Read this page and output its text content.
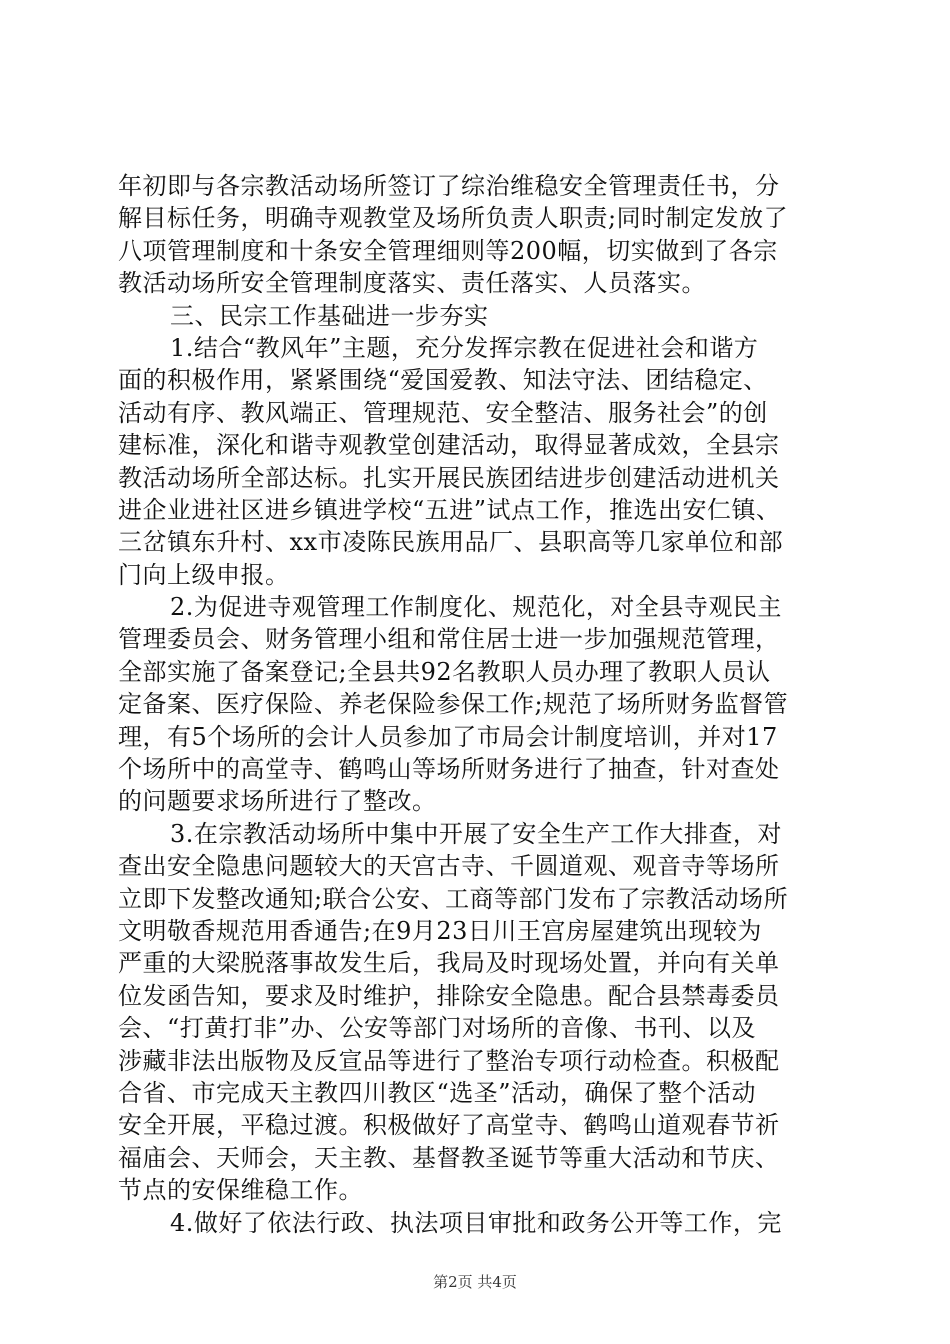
年初即与各宗教活动场所签订了综治维稳安全管理责任书，分
解目标任务，明确寺观教堂及场所负责人职责;同时制定发放了
八项管理制度和十条安全管理细则等200幅，切实做到了各宗
教活动场所安全管理制度落实、责任落实、人员落实。
三、民宗工作基础进一步夯实
1.结合“教风年”主题，充分发挥宗教在促进社会和谐方
面的积极作用，紧紧围绕“爱国爱教、知法守法、团结稳定、
活动有序、教风端正、管理规范、安全整洁、服务社会”的创
建标准，深化和谐寺观教堂创建活动，取得显著成效，全县宗
教活动场所全部达标。扎实开展民族团结进步创建活动进机关
进企业进社区进乡镇进学校“五进”试点工作，推选出安仁镇、
三岔镇东升村、xx市凌陈民族用品厂、县职高等几家单位和部
门向上级申报。
2.为促进寺观管理工作制度化、规范化，对全县寺观民主
管理委员会、财务管理小组和常住居士进一步加强规范管理，
全部实施了备案登记;全县共92名教职人员办理了教职人员认
定备案、医疗保险、养老保险参保工作;规范了场所财务监督管
理，有5个场所的会计人员参加了市局会计制度培训，并对17
个场所中的高堂寺、鹤鸣山等场所财务进行了抽查，针对查处
的问题要求场所进行了整改。
3.在宗教活动场所中集中开展了安全生产工作大排查，对
查出安全隐患问题较大的天宫古寺、千圆道观、观音寺等场所
立即下发整改通知;联合公安、工商等部门发布了宗教活动场所
文明敬香规范用香通告;在9月23日川王宫房屋建筑出现较为
严重的大梁脱落事故发生后，我局及时现场处置，并向有关单
位发函告知，要求及时维护，排除安全隐患。配合县禁毒委员
会、“打黄打非”办、公安等部门对场所的音像、书刊、以及
涉藏非法出版物及反宣品等进行了整治专项行动检查。积极配
合省、市完成天主教四川教区“选圣”活动，确保了整个活动
安全开展，平稳过渡。积极做好了高堂寺、鹤鸣山道观春节祈
福庙会、天师会，天主教、基督教圣诞节等重大活动和节庆、
节点的安保维稳工作。
4.做好了依法行政、执法项目审批和政务公开等工作，完
第2页 共4页
